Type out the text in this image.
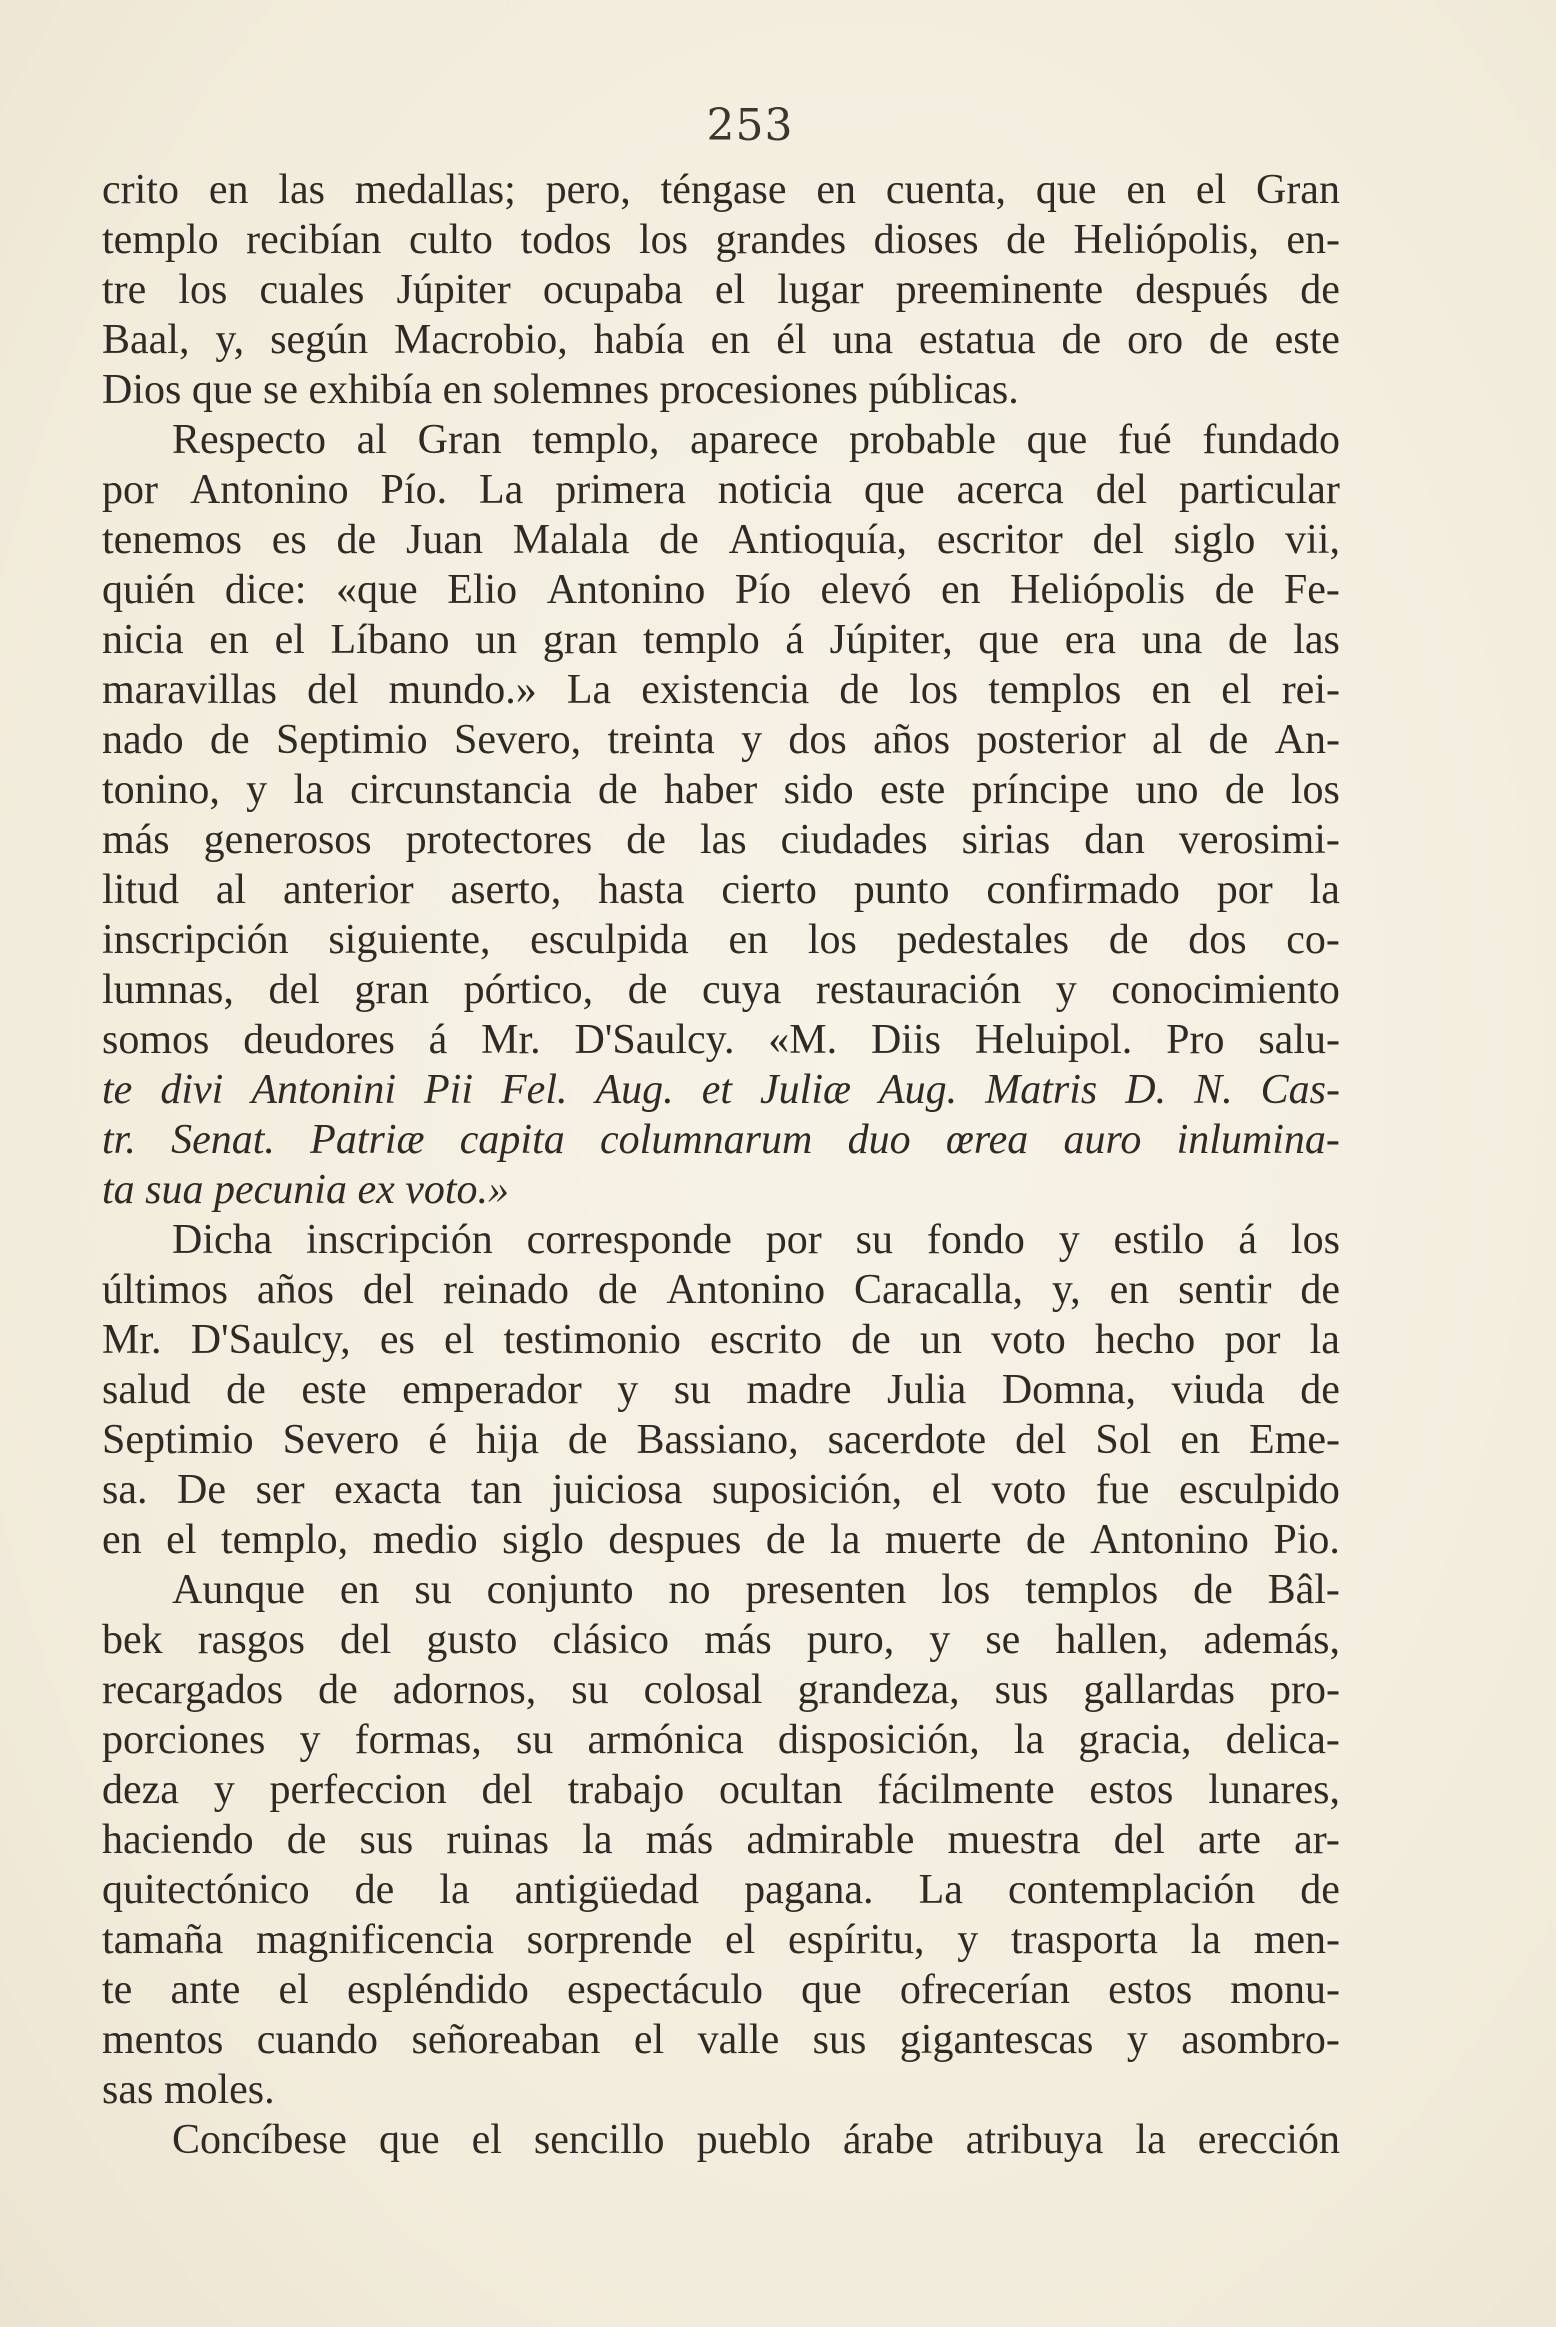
253
crito en las medallas; pero, téngase en cuenta, que en el Gran
templo recibían culto todos los grandes dioses de Heliópolis, en-
tre los cuales Júpiter ocupaba el lugar preeminente después de
Baal, y, según Macrobio, había en él una estatua de oro de este
Dios que se exhibía en solemnes procesiones públicas.
Respecto al Gran templo, aparece probable que fué fundado
por Antonino Pío. La primera noticia que acerca del particular
tenemos es de Juan Malala de Antioquía, escritor del siglo vii,
quién dice: «que Elio Antonino Pío elevó en Heliópolis de Fe-
nicia en el Líbano un gran templo á Júpiter, que era una de las
maravillas del mundo.» La existencia de los templos en el rei-
nado de Septimio Severo, treinta y dos años posterior al de An-
tonino, y la circunstancia de haber sido este príncipe uno de los
más generosos protectores de las ciudades sirias dan verosimi-
litud al anterior aserto, hasta cierto punto confirmado por la
inscripción siguiente, esculpida en los pedestales de dos co-
lumnas, del gran pórtico, de cuya restauración y conocimiento
somos deudores á Mr. D'Saulcy. «M. Diis Heluipol. Pro salu-
te divi Antonini Pii Fel. Aug. et Juliæ Aug. Matris D. N. Cas-
tr. Senat. Patriæ capita columnarum duo œrea auro inlumina-
ta sua pecunia ex voto.»
Dicha inscripción corresponde por su fondo y estilo á los
últimos años del reinado de Antonino Caracalla, y, en sentir de
Mr. D'Saulcy, es el testimonio escrito de un voto hecho por la
salud de este emperador y su madre Julia Domna, viuda de
Septimio Severo é hija de Bassiano, sacerdote del Sol en Eme-
sa. De ser exacta tan juiciosa suposición, el voto fue esculpido
en el templo, medio siglo despues de la muerte de Antonino Pio.
Aunque en su conjunto no presenten los templos de Bâl-
bek rasgos del gusto clásico más puro, y se hallen, además,
recargados de adornos, su colosal grandeza, sus gallardas pro-
porciones y formas, su armónica disposición, la gracia, delica-
deza y perfeccion del trabajo ocultan fácilmente estos lunares,
haciendo de sus ruinas la más admirable muestra del arte ar-
quitectónico de la antigüedad pagana. La contemplación de
tamaña magnificencia sorprende el espíritu, y trasporta la men-
te ante el espléndido espectáculo que ofrecerían estos monu-
mentos cuando señoreaban el valle sus gigantescas y asombro-
sas moles.
Concíbese que el sencillo pueblo árabe atribuya la erección
